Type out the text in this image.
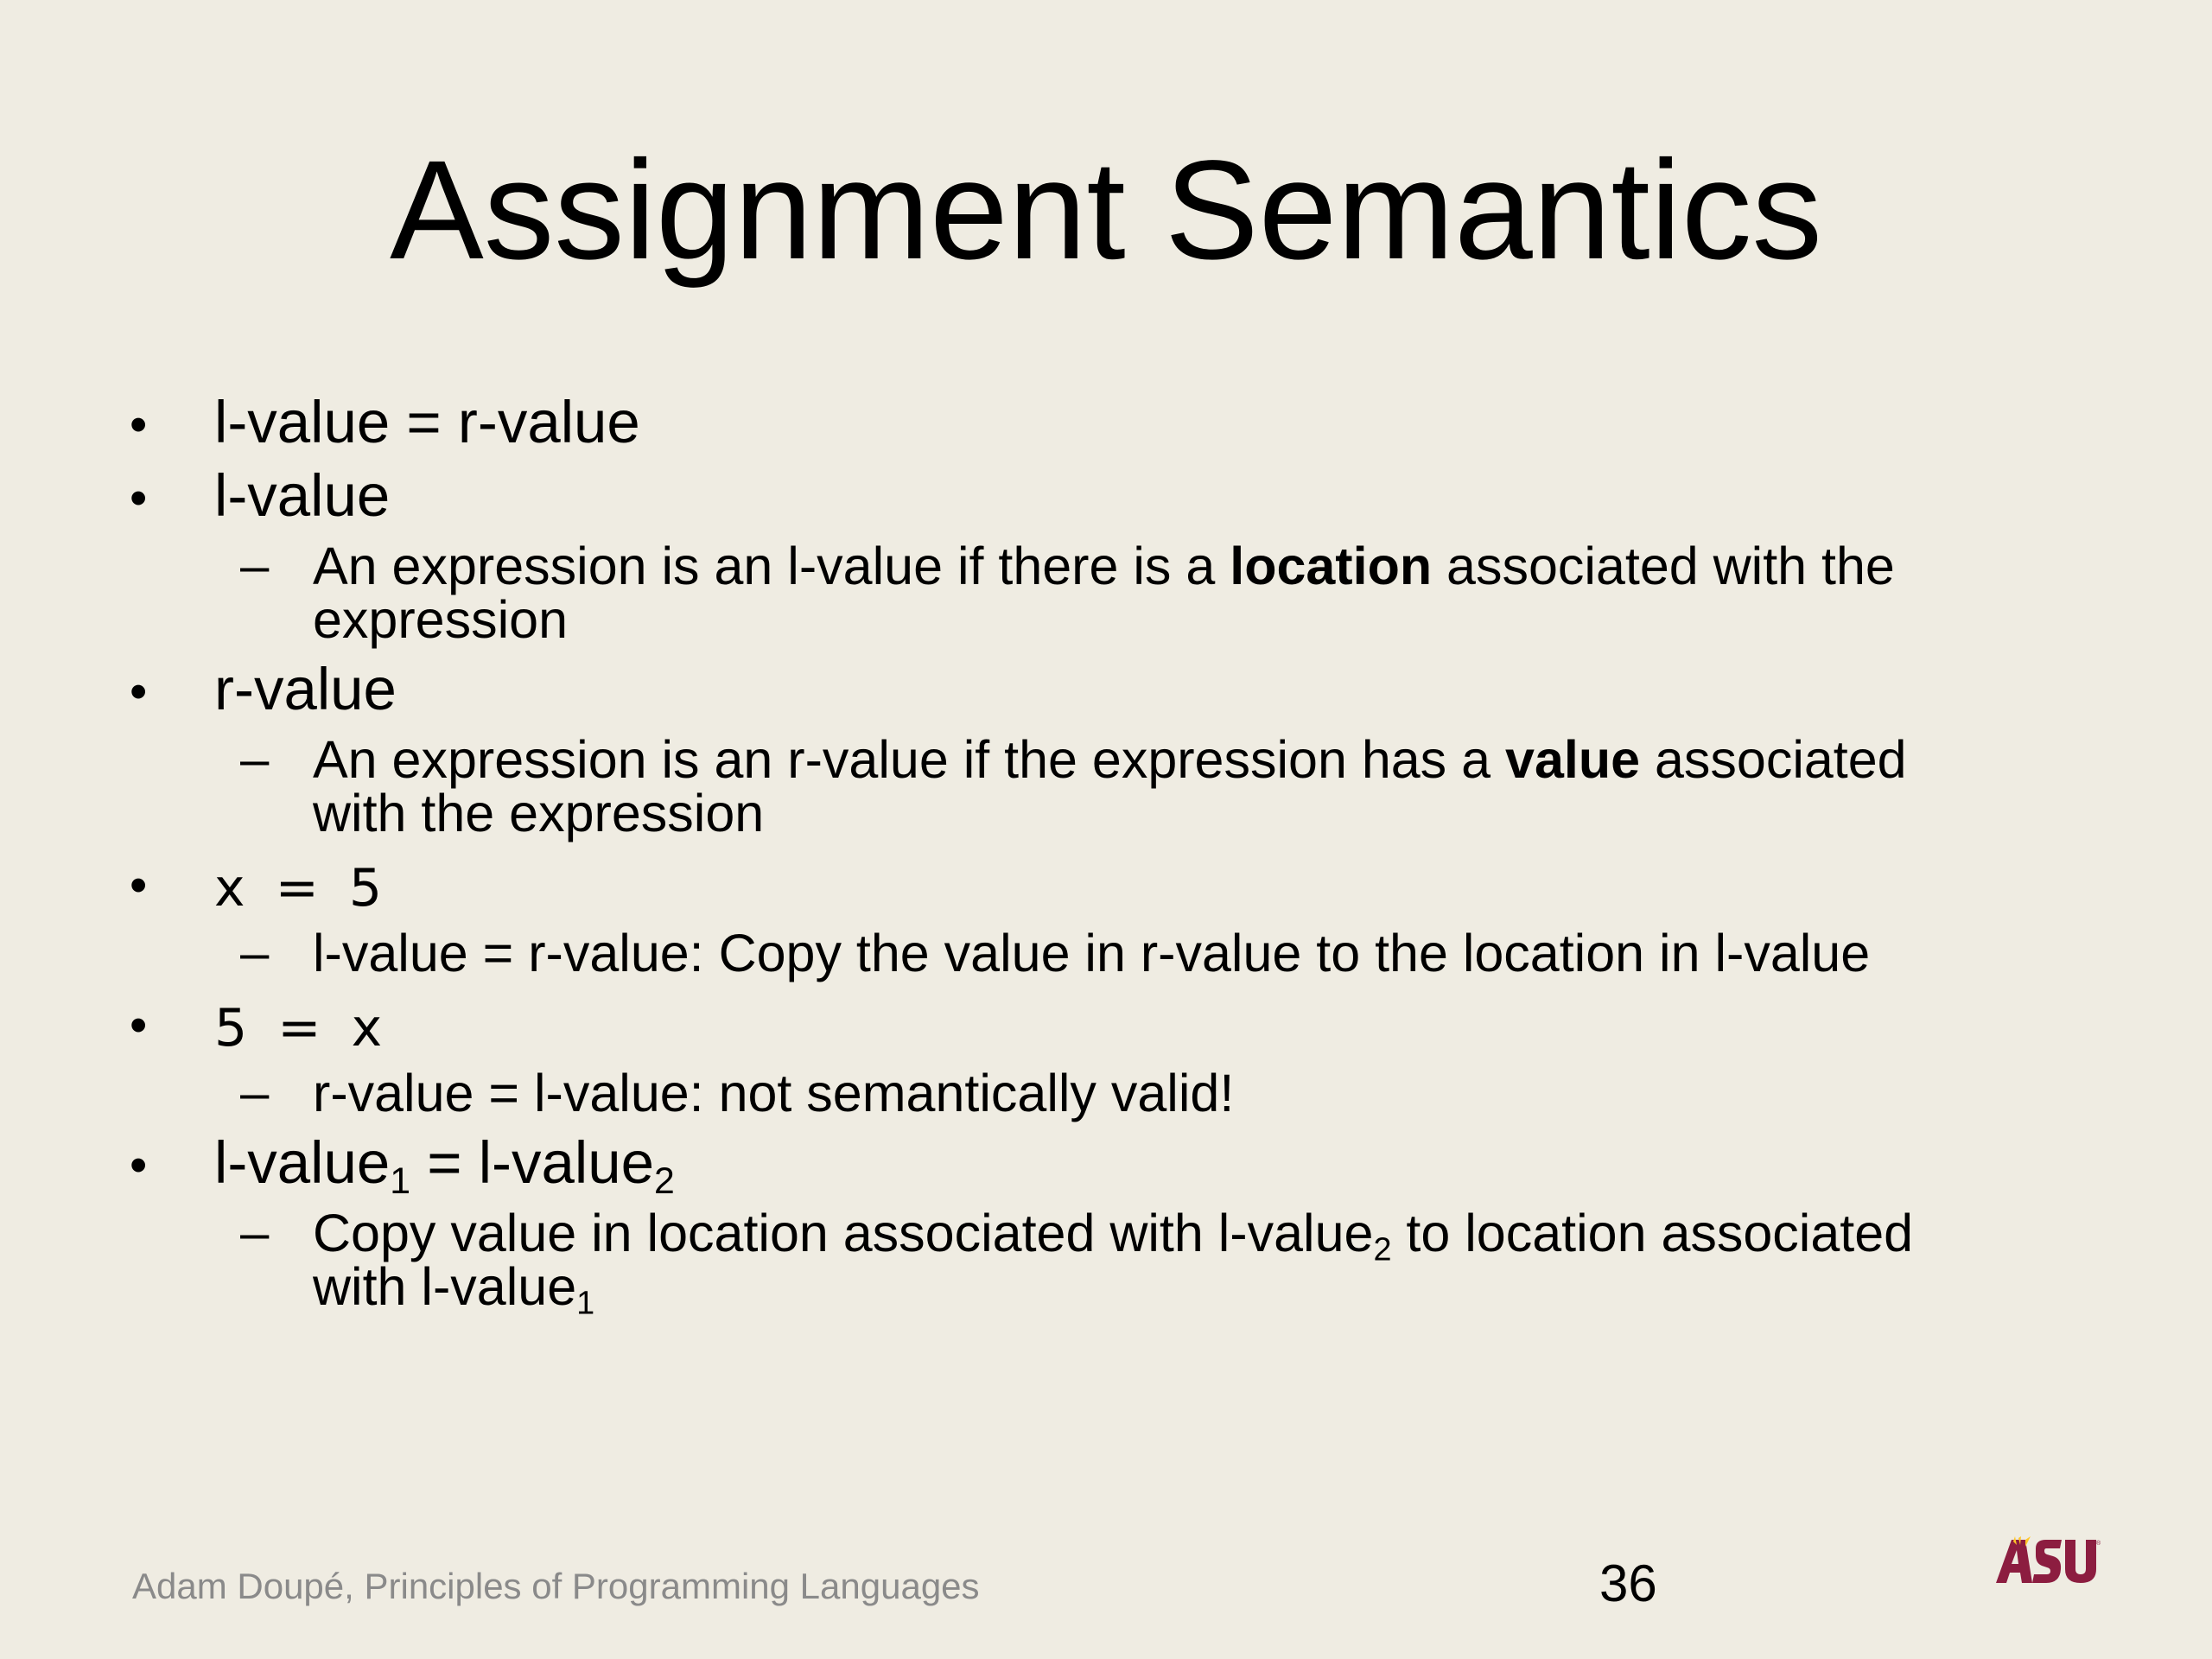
Assignment Semantics
• l-value = r-value
• l-value
– An expression is an l-value if there is a location associated with the
expression
• r-value
– An expression is an r-value if the expression has a value associated
with the expression
• x = 5
– l-value = r-value: Copy the value in r-value to the location in l-value
• 5 = x
– r-value = l-value: not semantically valid!
• l-value$_1$ = l-value$_2$
– Copy value in location associated with l-value$_2$ to location associated
with l-value$_1$
Adam Doupé, Principles of Programming Languages	36
®
